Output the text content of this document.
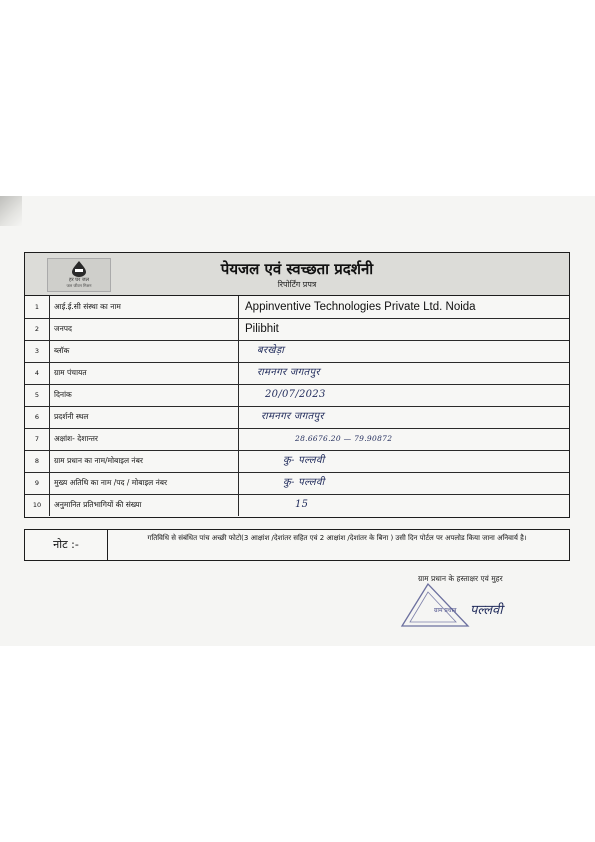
हर घर जल
जल जीवन मिशन
पेयजल एवं स्वच्छता प्रदर्शनी
रिपोर्टिंग प्रपत्र
1	आई.ई.सी संस्था का नाम	Appinventive Technologies Private Ltd. Noida
2	जनपद	Pilibhit
3	ब्लॉक	बरखेड़ा
4	ग्राम पंचायत	रामनगर जगतपुर
5	दिनांक	20/07/2023
6	प्रदर्शनी स्थल	रामनगर जगतपुर
7	अक्षांश- देशान्तर	28.6676.20 — 79.90872
8	ग्राम प्रधान का नाम/मोबाइल नंबर	कु- पल्लवी
9	मुख्य अतिथि का नाम /पद / मोबाइल नंबर	कु- पल्लवी
10	अनुमानित प्रतिभागियों की संख्या	15
नोट :-	गतिविधि से संबंधित पांच अच्छी फोटो(3 आक्षांश /देशांतर सहित एवं 2 आक्षांश /देशांतर के बिना ) उसी दिन पोर्टल पर अपलोड किया जाना अनिवार्य है।
ग्राम प्रधान के हस्ताक्षर एवं मुहर
ग्राम प्रधान पल्लवी
